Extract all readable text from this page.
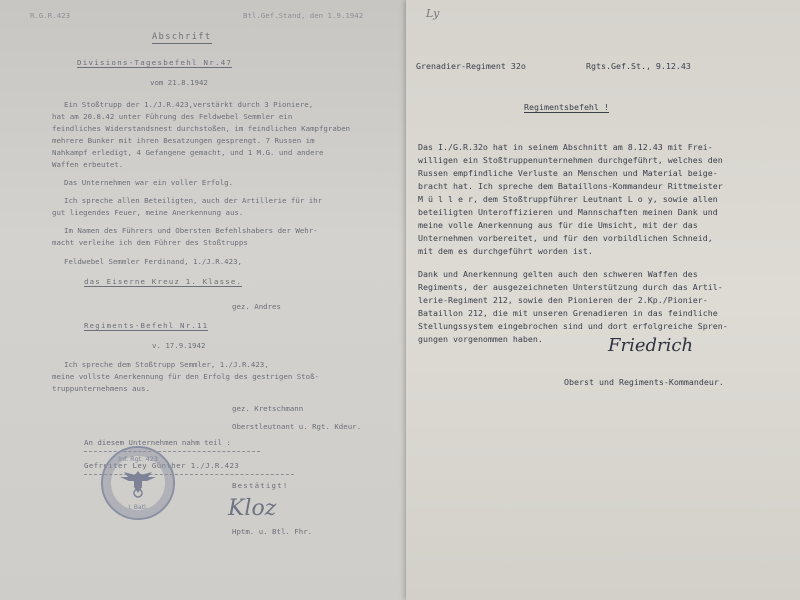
R.G.R.423	Btl.Gef.Stand, den 1.9.1942
Abschrift
Divisions-Tagesbefehl Nr.47
vom 21.8.1942
Ein Stoßtrupp der 1./J.R.423,verstärkt durch 3 Pioniere,
hat am 20.8.42 unter Führung des Feldwebel Semmler ein
feindliches Widerstandsnest durchstoßen, im feindlichen Kampfgraben
mehrere Bunker mit ihren Besatzungen gesprengt. 7 Russen im
Nahkampf erledigt, 4 Gefangene gemacht, und 1 M.G. und andere
Waffen erbeutet.
Das Unternehmen war ein voller Erfolg.
Ich spreche allen Beteiligten, auch der Artillerie für ihr
gut liegendes Feuer, meine Anerkennung aus.
Im Namen des Führers und Obersten Befehlshabers der Wehr-
macht verleihe ich dem Führer des Stoßtrupps
Feldwebel Semmler Ferdinand, 1./J.R.423,
das Eiserne Kreuz 1. Klasse.
gez. Andres
Regiments-Befehl Nr.11
v. 17.9.1942
Ich spreche dem Stoßtrupp Semmler, 1./J.R.423,
meine vollste Anerkennung für den Erfolg des gestrigen Stoß-
truppunternehmens aus.
gez. Kretschmann
Oberstleutnant u. Rgt. Kdeur.
An diesem Unternehmen nahm teil :
Gefreiter Ley Günther 1./J.R.423
Bestätigt!
Inf. Rgt. 423
I. Batl.	Kloz
Hptm. u. Btl. Fhr.
Ly
Grenadier-Regiment 32o	Rgts.Gef.St., 9.12.43
Regimentsbefehl !
Das I./G.R.32o hat in seinem Abschnitt am 8.12.43 mit Frei-
willigen ein Stoßtruppenunternehmen durchgeführt, welches den
Russen empfindliche Verluste an Menschen und Material beige-
bracht hat. Ich spreche dem Bataillons-Kommandeur Rittmeister
M ü l l e r, dem Stoßtruppführer Leutnant L o y, sowie allen
beteiligten Unteroffizieren und Mannschaften meinen Dank und
meine volle Anerkennung aus für die Umsicht, mit der das
Unternehmen vorbereitet, und für den vorbildlichen Schneid,
mit dem es durchgeführt worden ist.
Dank und Anerkennung gelten auch den schweren Waffen des
Regiments, der ausgezeichneten Unterstützung durch das Artil-
lerie-Regiment 212, sowie den Pionieren der 2.Kp./Pionier-
Bataillon 212, die mit unseren Grenadieren in das feindliche
Stellungssystem eingebrochen sind und dort erfolgreiche Spren-
gungen vorgenommen haben.	Friedrich
Oberst und Regiments-Kommandeur.
